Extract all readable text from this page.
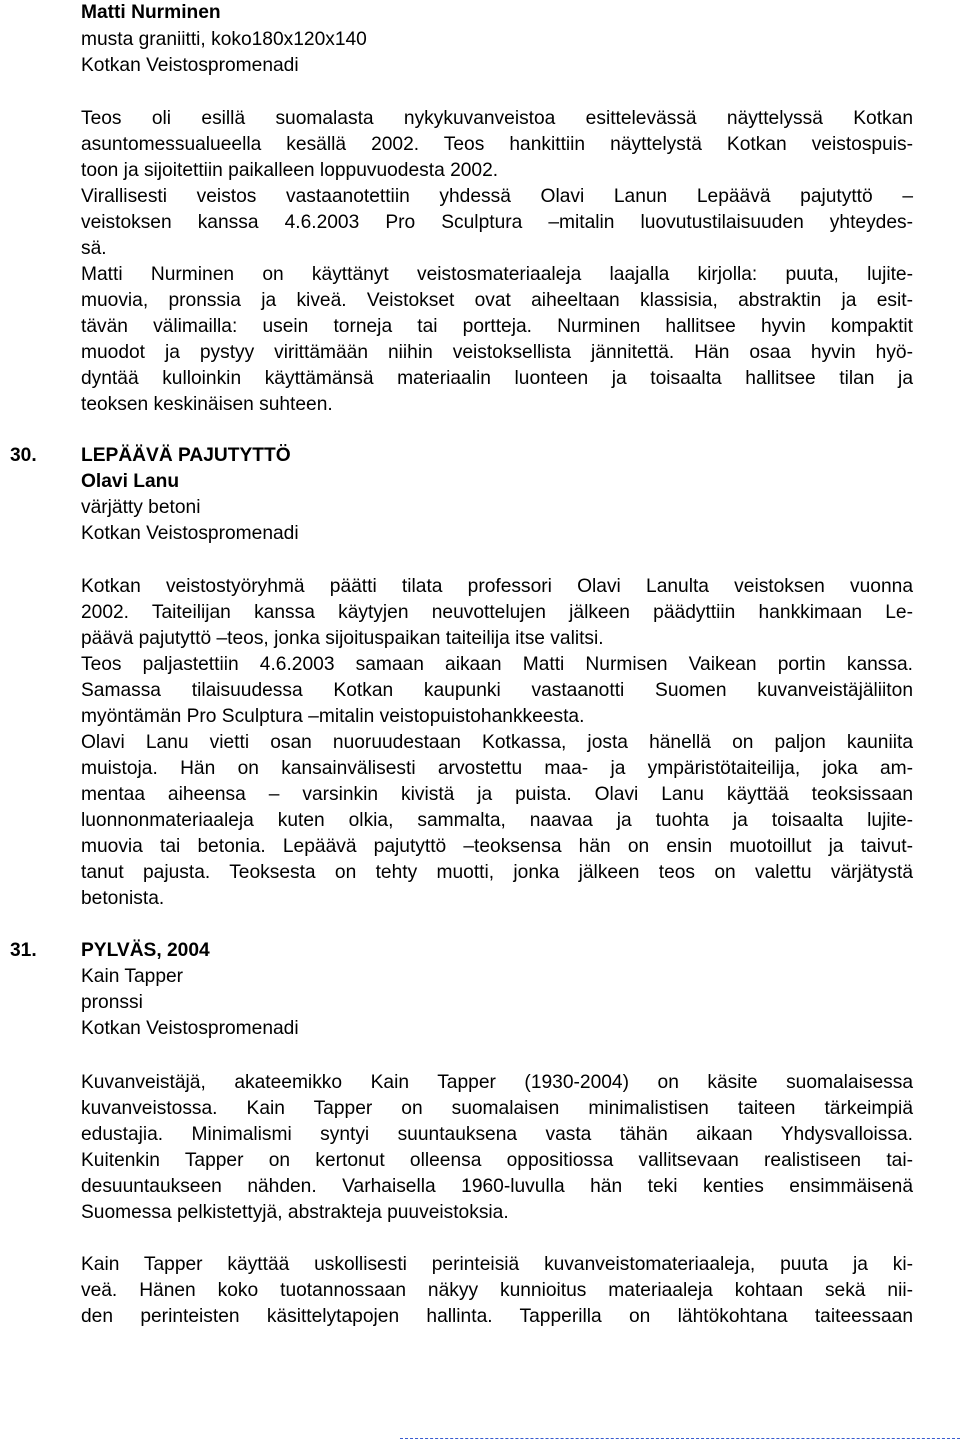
Matti Nurminen
musta graniitti, koko180x120x140
Kotkan Veistospromenadi
Teos oli esillä suomalasta nykykuvanveistoa esittelevässä näyttelyssä Kotkan
asuntomessualueella kesällä 2002. Teos hankittiin näyttelystä Kotkan veistospuis-
toon ja sijoitettiin paikalleen loppuvuodesta 2002.
Virallisesti veistos vastaanotettiin yhdessä Olavi Lanun Lepäävä pajutyttö –
veistoksen kanssa 4.6.2003 Pro Sculptura –mitalin luovutustilaisuuden yhteydes-
sä.
Matti Nurminen on käyttänyt veistosmateriaaleja laajalla kirjolla: puuta, lujite-
muovia, pronssia ja kiveä. Veistokset ovat aiheeltaan klassisia, abstraktin ja esit-
tävän välimailla: usein torneja tai portteja. Nurminen hallitsee hyvin kompaktit
muodot ja pystyy virittämään niihin veistoksellista jännitettä. Hän osaa hyvin hyö-
dyntää kulloinkin käyttämänsä materiaalin luonteen ja toisaalta hallitsee tilan ja
teoksen keskinäisen suhteen.
30. LEPÄÄVÄ PAJUTYTTÖ
Olavi Lanu
värjätty betoni
Kotkan Veistospromenadi
Kotkan veistostyöryhmä päätti tilata professori Olavi Lanulta veistoksen vuonna
2002. Taiteilijan kanssa käytyjen neuvottelujen jälkeen päädyttiin hankkimaan Le-
päävä pajutyttö –teos, jonka sijoituspaikan taiteilija itse valitsi.
Teos paljastettiin 4.6.2003 samaan aikaan Matti Nurmisen Vaikean portin kanssa.
Samassa tilaisuudessa Kotkan kaupunki vastaanotti Suomen kuvanveistäjäliiton
myöntämän Pro Sculptura –mitalin veistopuistohankkeesta.
Olavi Lanu vietti osan nuoruudestaan Kotkassa, josta hänellä on paljon kauniita
muistoja. Hän on kansainvälisesti arvostettu maa- ja ympäristötaiteilija, joka am-
mentaa aiheensa – varsinkin kivistä ja puista. Olavi Lanu käyttää teoksissaan
luonnonmateriaaleja kuten olkia, sammalta, naavaa ja tuohta ja toisaalta lujite-
muovia tai betonia. Lepäävä pajutyttö –teoksensa hän on ensin muotoillut ja taivut-
tanut pajusta. Teoksesta on tehty muotti, jonka jälkeen teos on valettu värjätystä
betonista.
31. PYLVÄS, 2004
Kain Tapper
pronssi
Kotkan Veistospromenadi
Kuvanveistäjä, akateemikko Kain Tapper (1930-2004) on käsite suomalaisessa
kuvanveistossa. Kain Tapper on suomalaisen minimalistisen taiteen tärkeimpiä
edustajia. Minimalismi syntyi suuntauksena vasta tähän aikaan Yhdysvalloissa.
Kuitenkin Tapper on kertonut olleensa oppositiossa vallitsevaan realistiseen tai-
desuuntaukseen nähden. Varhaisella 1960-luvulla hän teki kenties ensimmäisenä
Suomessa pelkistettyjä, abstrakteja puuveistoksia.
Kain Tapper käyttää uskollisesti perinteisiä kuvanveistomateriaaleja, puuta ja ki-
veä. Hänen koko tuotannossaan näkyy kunnioitus materiaaleja kohtaan sekä nii-
den perinteisten käsittelytapojen hallinta. Tapperilla on lähtökohtana taiteessaan
